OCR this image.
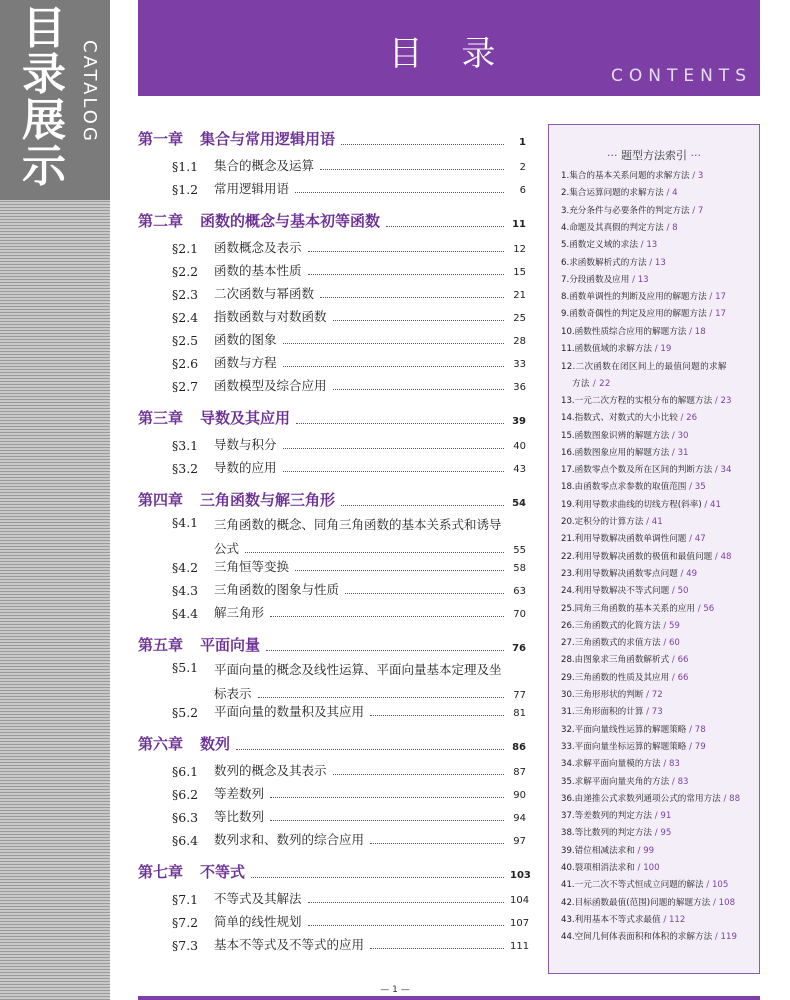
目
录
展
示
CATALOG	目 录
CONTENTS
第一章	集合与常用逻辑用语	1
§1.1	集合的概念及运算	2
§1.2	常用逻辑用语	6
第二章	函数的概念与基本初等函数	11
§2.1	函数概念及表示	12
§2.2	函数的基本性质	15
§2.3	二次函数与幂函数	21
§2.4	指数函数与对数函数	25
§2.5	函数的图象	28
§2.6	函数与方程	33
§2.7	函数模型及综合应用	36
第三章	导数及其应用	39
§3.1	导数与积分	40
§3.2	导数的应用	43
第四章	三角函数与解三角形	54
§4.1	三角函数的概念、同角三角函数的基本关系式和诱导
公式	55
§4.2	三角恒等变换	58
§4.3	三角函数的图象与性质	63
§4.4	解三角形	70
第五章	平面向量	76
§5.1	平面向量的概念及线性运算、平面向量基本定理及坐
标表示	77
§5.2	平面向量的数量积及其应用	81
第六章	数列	86
§6.1	数列的概念及其表示	87
§6.2	等差数列	90
§6.3	等比数列	94
§6.4	数列求和、数列的综合应用	97
第七章	不等式	103
§7.1	不等式及其解法	104
§7.2	简单的线性规划	107
§7.3	基本不等式及不等式的应用	111
··· 题型方法索引 ···
1.集合的基本关系问题的求解方法 / 3
2.集合运算问题的求解方法 / 4
3.充分条件与必要条件的判定方法 / 7
4.命题及其真假的判定方法 / 8
5.函数定义域的求法 / 13
6.求函数解析式的方法 / 13
7.分段函数及应用 / 13
8.函数单调性的判断及应用的解题方法 / 17
9.函数奇偶性的判定及应用的解题方法 / 17
10.函数性质综合应用的解题方法 / 18
11.函数值域的求解方法 / 19
12.二次函数在闭区间上的最值问题的求解
方法 / 22
13.一元二次方程的实根分布的解题方法 / 23
14.指数式、对数式的大小比较 / 26
15.函数图象识辨的解题方法 / 30
16.函数图象应用的解题方法 / 31
17.函数零点个数及所在区间的判断方法 / 34
18.由函数零点求参数的取值范围 / 35
19.利用导数求曲线的切线方程(斜率) / 41
20.定积分的计算方法 / 41
21.利用导数解决函数单调性问题 / 47
22.利用导数解决函数的极值和最值问题 / 48
23.利用导数解决函数零点问题 / 49
24.利用导数解决不等式问题 / 50
25.同角三角函数的基本关系的应用 / 56
26.三角函数式的化简方法 / 59
27.三角函数式的求值方法 / 60
28.由图象求三角函数解析式 / 66
29.三角函数的性质及其应用 / 66
30.三角形形状的判断 / 72
31.三角形面积的计算 / 73
32.平面向量线性运算的解题策略 / 78
33.平面向量坐标运算的解题策略 / 79
34.求解平面向量模的方法 / 83
35.求解平面向量夹角的方法 / 83
36.由递推公式求数列通项公式的常用方法 / 88
37.等差数列的判定方法 / 91
38.等比数列的判定方法 / 95
39.错位相减法求和 / 99
40.裂项相消法求和 / 100
41.一元二次不等式恒成立问题的解法 / 105
42.目标函数最值(范围)问题的解题方法 / 108
43.利用基本不等式求最值 / 112
44.空间几何体表面积和体积的求解方法 / 119
— 1 —
